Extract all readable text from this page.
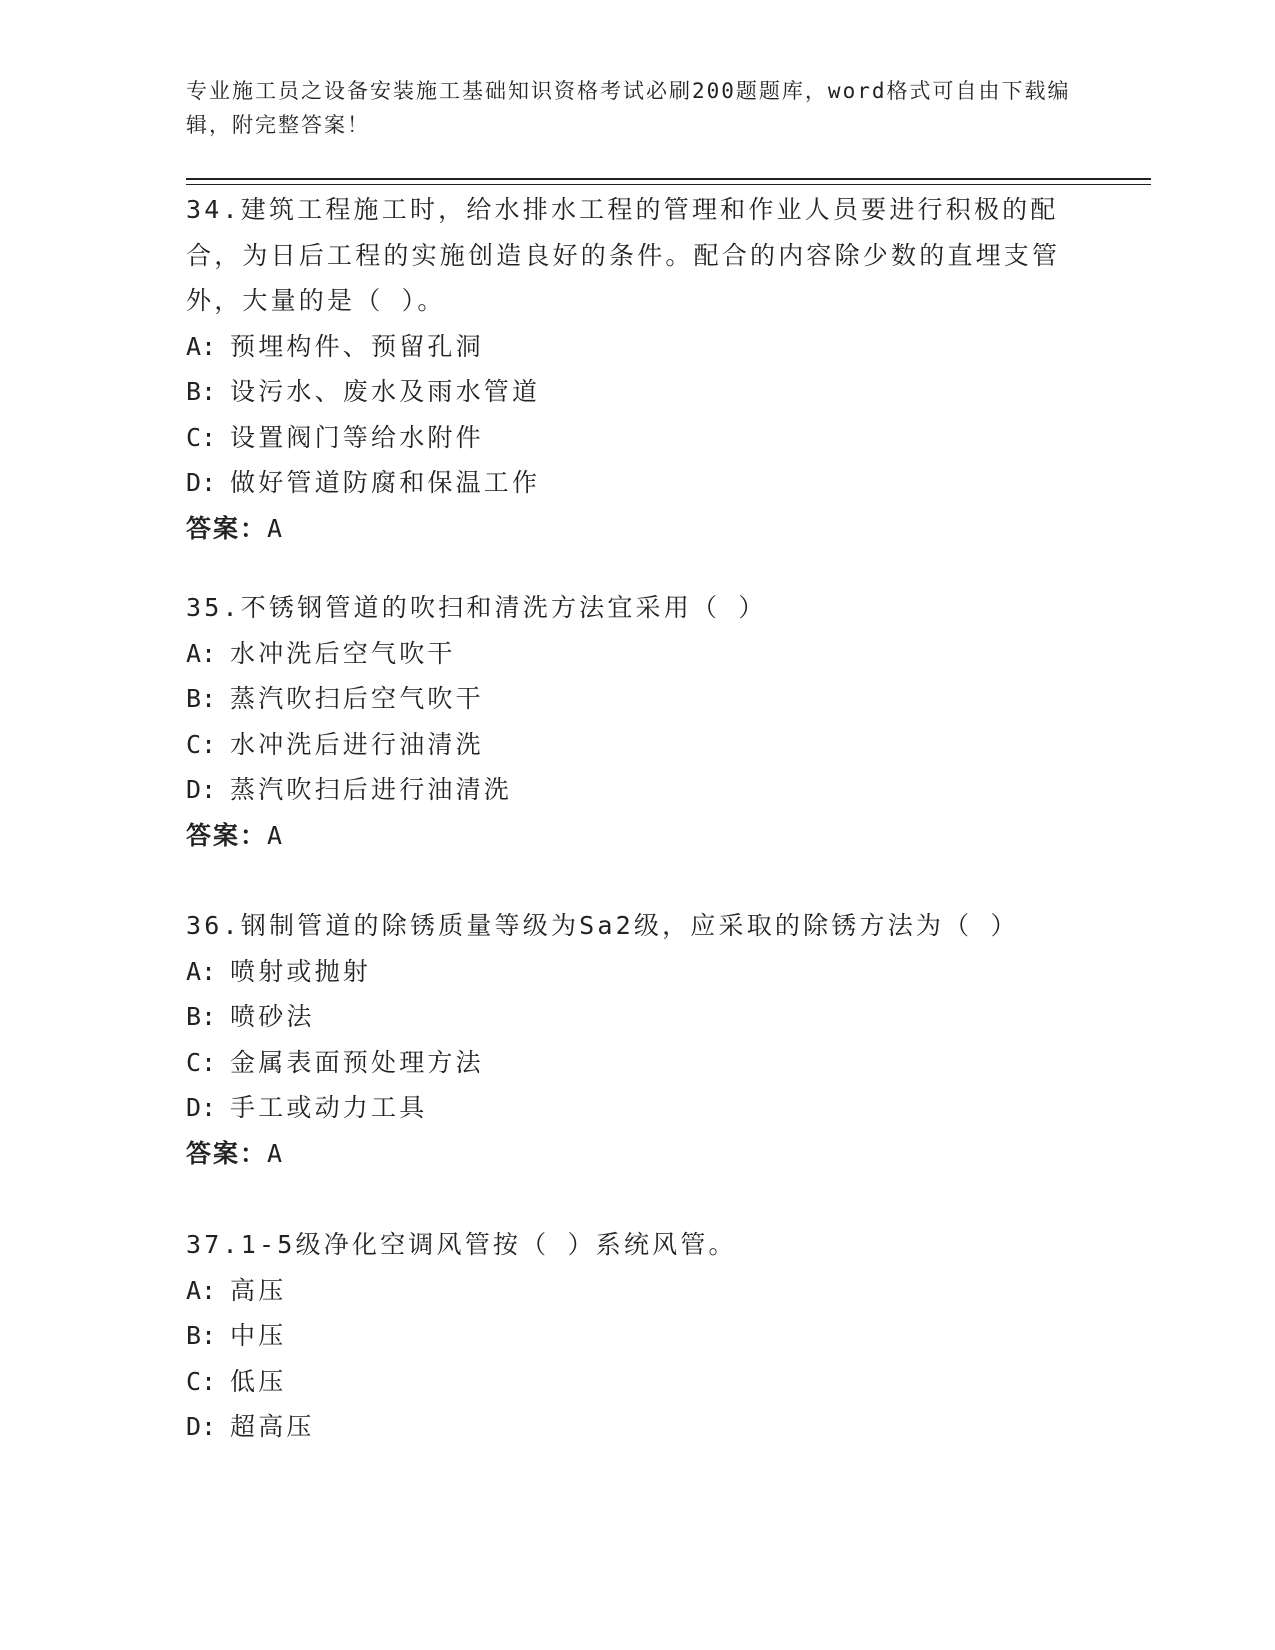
专业施工员之设备安装施工基础知识资格考试必刷200题题库，word格式可自由下载编辑，附完整答案！

34.建筑工程施工时，给水排水工程的管理和作业人员要进行积极的配合，为日后工程的实施创造良好的条件。配合的内容除少数的直埋支管外，大量的是（ ）。

A: 预埋构件、预留孔洞

B: 设污水、废水及雨水管道

C: 设置阀门等给水附件

D: 做好管道防腐和保温工作

答案：A

35.不锈钢管道的吹扫和清洗方法宜采用（ ）

A: 水冲洗后空气吹干

B: 蒸汽吹扫后空气吹干

C: 水冲洗后进行油清洗

D: 蒸汽吹扫后进行油清洗

答案：A

36.钢制管道的除锈质量等级为Sa2级，应采取的除锈方法为（ ）

A: 喷射或抛射

B: 喷砂法

C: 金属表面预处理方法

D: 手工或动力工具

答案：A

37.1-5级净化空调风管按（ ）系统风管。

A: 高压

B: 中压

C: 低压

D: 超高压
